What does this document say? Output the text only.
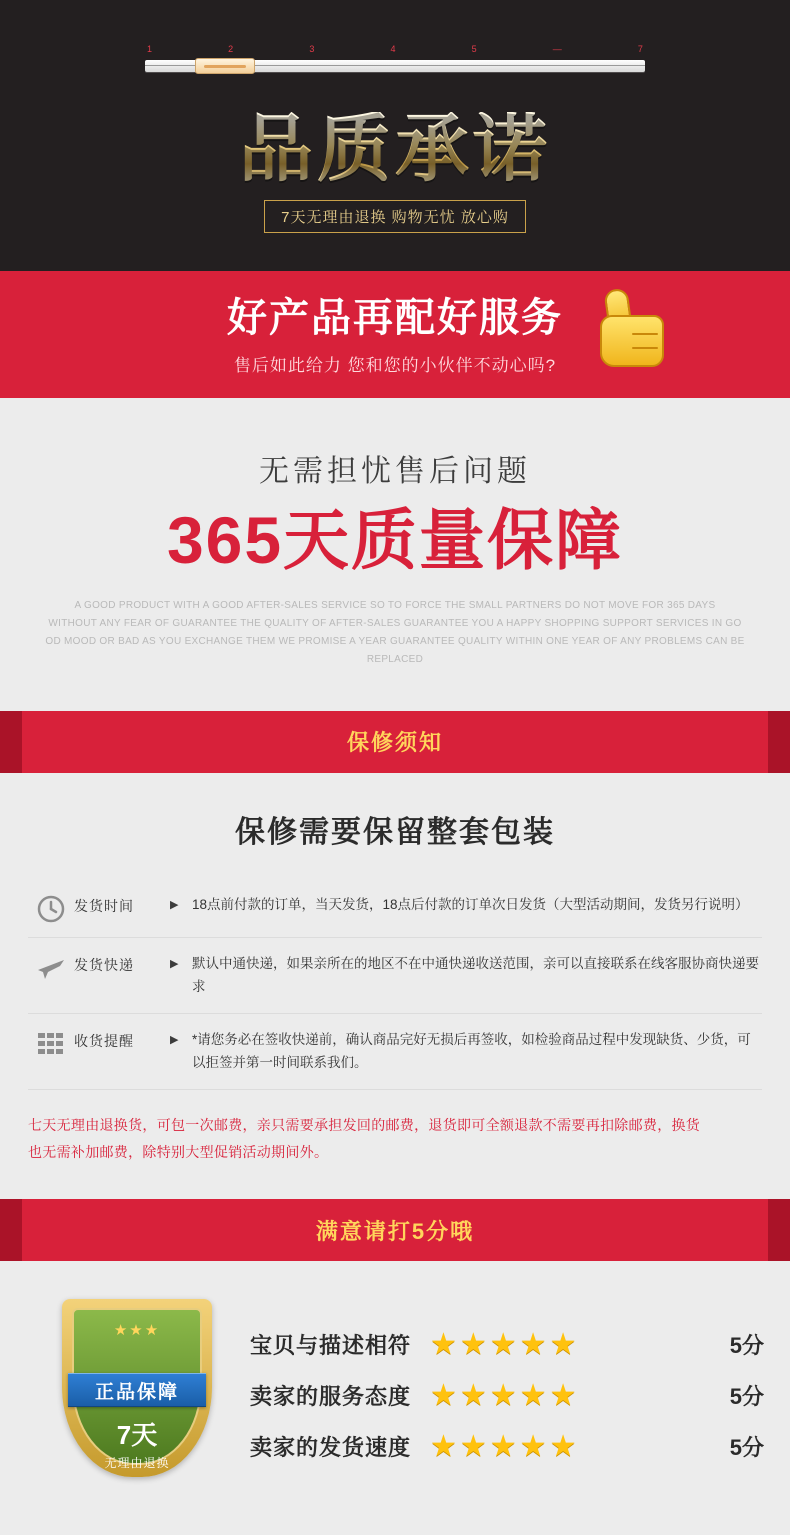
1	2	3	4	5	—	7
品质承诺
7天无理由退换 购物无忧 放心购
好产品再配好服务

售后如此给力 您和您的小伙伴不动心吗?

无需担忧售后问题
365天质量保障
A GOOD PRODUCT WITH A GOOD AFTER-SALES SERVICE SO TO FORCE THE SMALL PARTNERS DO NOT MOVE FOR 365 DAYS
WITHOUT ANY FEAR OF GUARANTEE THE QUALITY OF AFTER-SALES GUARANTEE YOU A HAPPY SHOPPING SUPPORT SERVICES IN GO
OD MOOD OR BAD AS YOU EXCHANGE THEM WE PROMISE A YEAR GUARANTEE QUALITY WITHIN ONE YEAR OF ANY PROBLEMS CAN BE REPLACED
保修须知
保修需要保留整套包装
发货时间	▶	18点前付款的订单，当天发货，18点后付款的订单次日发货（大型活动期间，发货另行说明）
发货快递	▶	默认中通快递，如果亲所在的地区不在中通快递收送范围，亲可以直接联系在线客服协商快递要求
收货提醒	▶	*请您务必在签收快递前，确认商品完好无损后再签收，如检验商品过程中发现缺货、少货，可以拒签并第一时间联系我们。
七天无理由退换货，可包一次邮费，亲只需要承担发回的邮费，退货即可全额退款不需要再扣除邮费，换货
也无需补加邮费，除特别大型促销活动期间外。
满意请打5分哦
★★★
正品保障
7天
无理由退换
宝贝与描述相符 ★★★★★	5分
卖家的服务态度 ★★★★★	5分
卖家的发货速度 ★★★★★	5分
